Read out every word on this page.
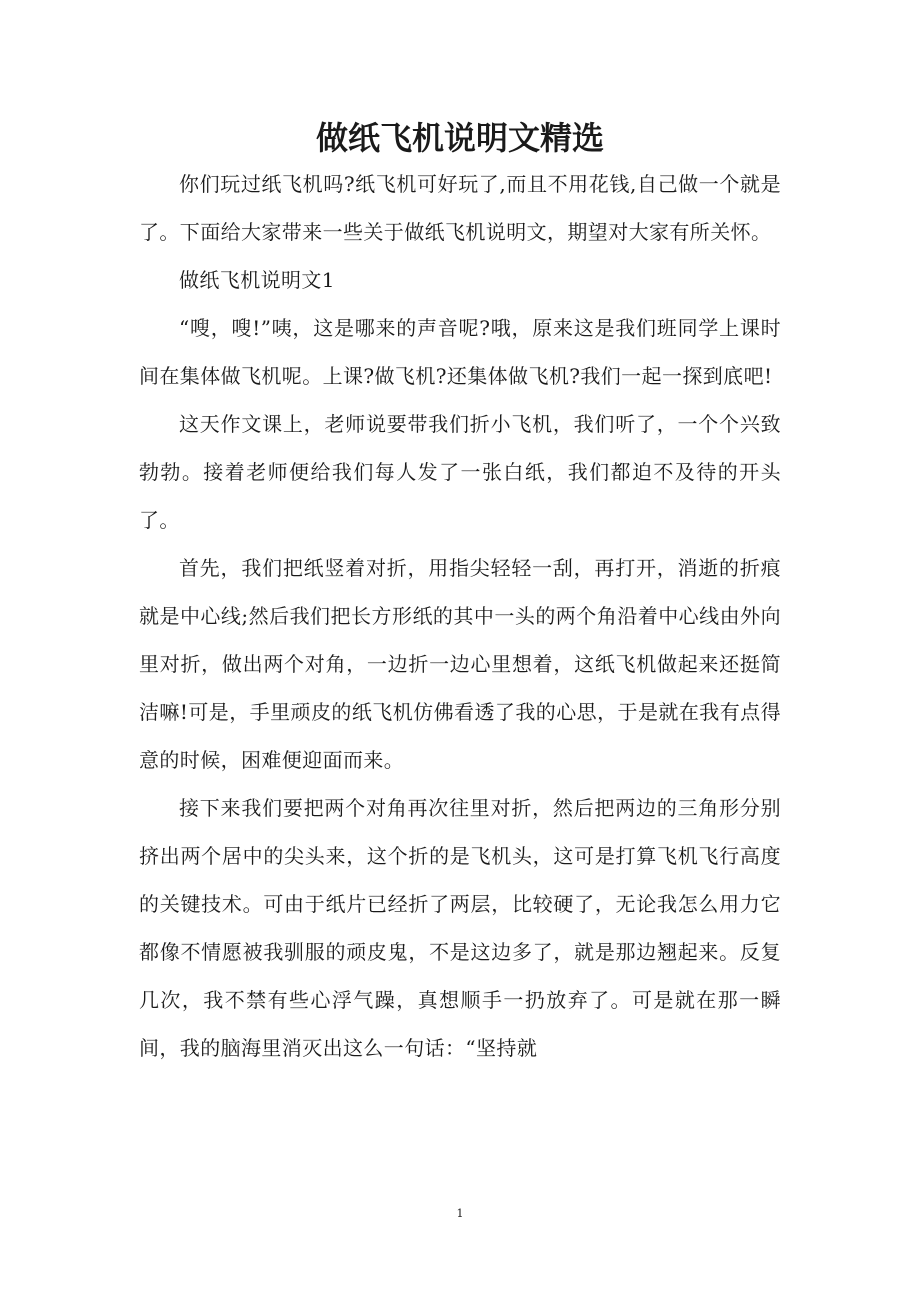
做纸飞机说明文精选

你们玩过纸飞机吗?纸飞机可好玩了,而且不用花钱,自己做一个就是了。下面给大家带来一些关于做纸飞机说明文，期望对大家有所关怀。

做纸飞机说明文1

“嗖，嗖!”咦，这是哪来的声音呢?哦，原来这是我们班同学上课时间在集体做飞机呢。上课?做飞机?还集体做飞机?我们一起一探到底吧!

这天作文课上，老师说要带我们折小飞机，我们听了，一个个兴致勃勃。接着老师便给我们每人发了一张白纸，我们都迫不及待的开头了。

首先，我们把纸竖着对折，用指尖轻轻一刮，再打开，消逝的折痕就是中心线;然后我们把长方形纸的其中一头的两个角沿着中心线由外向里对折，做出两个对角，一边折一边心里想着，这纸飞机做起来还挺简洁嘛!可是，手里顽皮的纸飞机仿佛看透了我的心思，于是就在我有点得意的时候，困难便迎面而来。

接下来我们要把两个对角再次往里对折，然后把两边的三角形分别挤出两个居中的尖头来，这个折的是飞机头，这可是打算飞机飞行高度的关键技术。可由于纸片已经折了两层，比较硬了，无论我怎么用力它都像不情愿被我驯服的顽皮鬼，不是这边多了，就是那边翘起来。反复几次，我不禁有些心浮气躁，真想顺手一扔放弃了。可是就在那一瞬间，我的脑海里消灭出这么一句话：“坚持就

1
